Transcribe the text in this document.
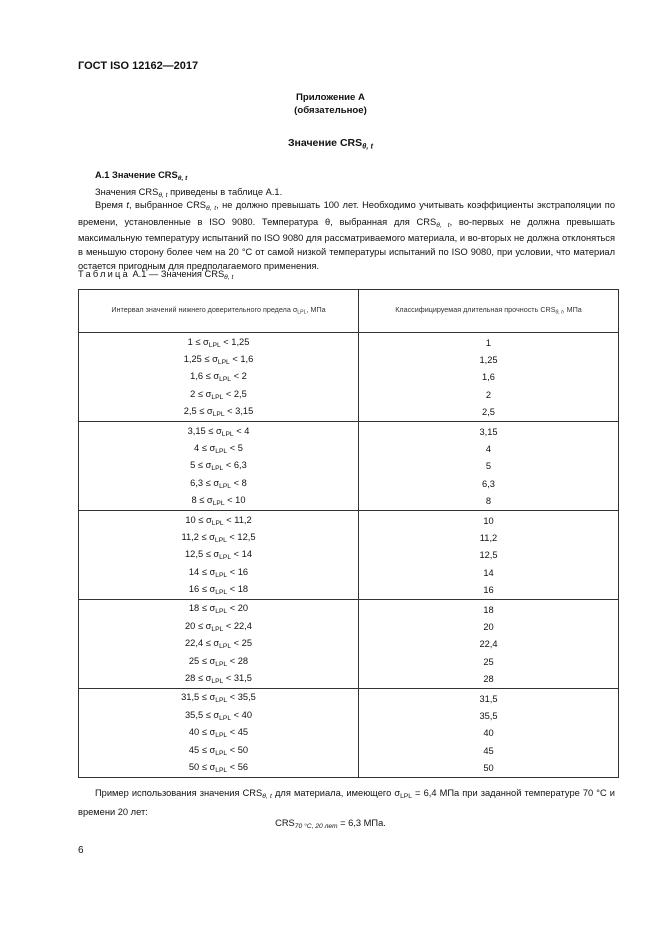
ГОСТ ISO 12162—2017
Приложение А
(обязательное)
Значение $CRS_{\theta, t}$
А.1 Значение $CRS_{\theta, t}$
Значения $CRS_{\theta, t}$ приведены в таблице А.1.
Время t, выбранное $CRS_{\theta, t}$, не должно превышать 100 лет. Необходимо учитывать коэффициенты экстраполяции по времени, установленные в ISO 9080. Температура θ, выбранная для $CRS_{\theta, t}$, во-первых не должна превышать максимальную температуру испытаний по ISO 9080 для рассматриваемого материала, и во-вторых не должна отклоняться в меньшую сторону более чем на 20 °С от самой низкой температуры испытаний по ISO 9080, при условии, что материал остается пригодным для предполагаемого применения.
Таблица А.1 — Значения $CRS_{\theta, t}$
Интервал значений нижнего доверительного предела $\sigma_{LPL}$, МПа	Классифицируемая длительная прочность $CRS_{\theta, t}$, МПа
$1 \le \sigma_{LPL} < 1,25$	1
$1,25 \le \sigma_{LPL} < 1,6$	1,25
$1,6 \le \sigma_{LPL} < 2$	1,6
$2 \le \sigma_{LPL} < 2,5$	2
$2,5 \le \sigma_{LPL} < 3,15$	2,5
$3,15 \le \sigma_{LPL} < 4$	3,15
$4 \le \sigma_{LPL} < 5$	4
$5 \le \sigma_{LPL} < 6,3$	5
$6,3 \le \sigma_{LPL} < 8$	6,3
$8 \le \sigma_{LPL} < 10$	8
$10 \le \sigma_{LPL} < 11,2$	10
$11,2 \le \sigma_{LPL} < 12,5$	11,2
$12,5 \le \sigma_{LPL} < 14$	12,5
$14 \le \sigma_{LPL} < 16$	14
$16 \le \sigma_{LPL} < 18$	16
$18 \le \sigma_{LPL} < 20$	18
$20 \le \sigma_{LPL} < 22,4$	20
$22,4 \le \sigma_{LPL} < 25$	22,4
$25 \le \sigma_{LPL} < 28$	25
$28 \le \sigma_{LPL} < 31,5$	28
$31,5 \le \sigma_{LPL} < 35,5$	31,5
$35,5 \le \sigma_{LPL} < 40$	35,5
$40 \le \sigma_{LPL} < 45$	40
$45 \le \sigma_{LPL} < 50$	45
$50 \le \sigma_{LPL} < 56$	50
Пример использования значения $CRS_{\theta, t}$ для материала, имеющего $\sigma_{LPL} = 6,4$ МПа при заданной температуре 70 °С и времени 20 лет:
$CRS_{70 ^\circ С, 20 лет} = 6,3$ МПа.
6
